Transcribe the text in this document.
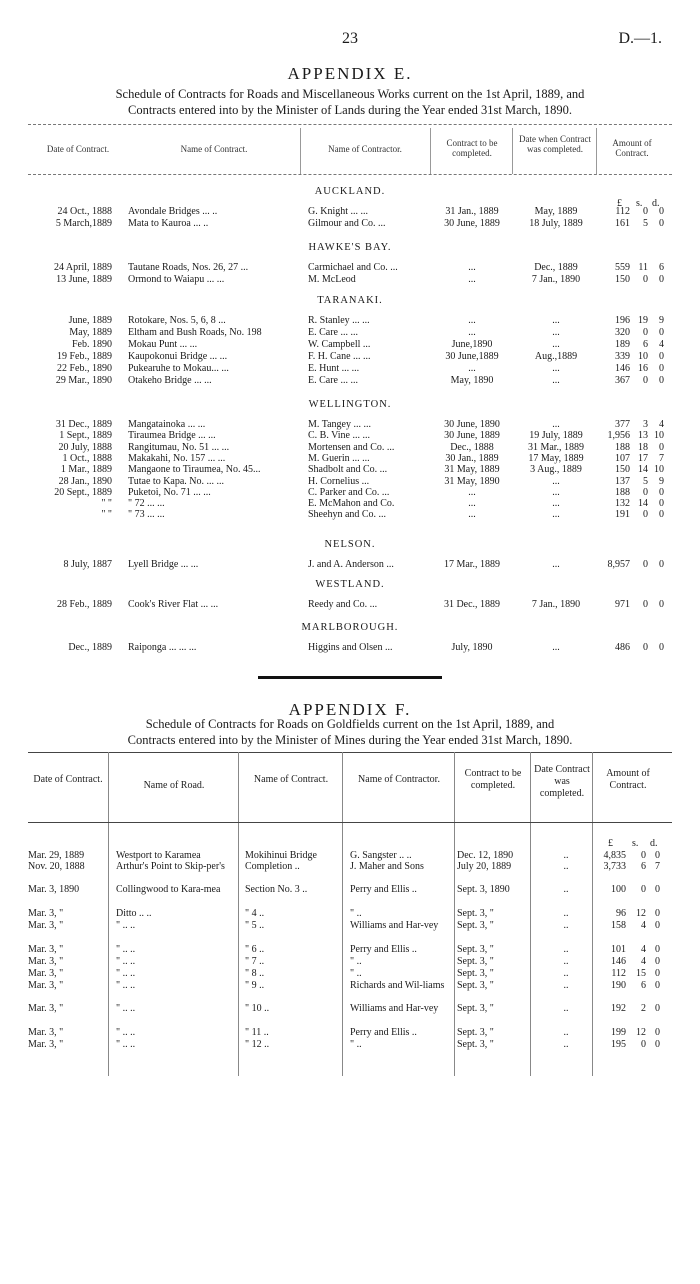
23	D.—1.
APPENDIX E.
Schedule of Contracts for Roads and Miscellaneous Works current on the 1st April, 1889, and
Contracts entered into by the Minister of Lands during the Year ended 31st March, 1890.
Date of Contract.	Name of Contract.	Name of Contractor.
Contract to be completed.
Date when Contract was completed.
Amount of Contract.
£ s. d.
AUCKLAND.
24 Oct., 1888 Avondale Bridges ... ..	G. Knight ... ...	31 Jan., 1889	May, 1889	112	0	0
5 March,1889 Mata to Kauroa ... ..	Gilmour and Co. ...	30 June, 1889	18 July, 1889	161	5	0
HAWKE'S BAY.
24 April, 1889 Tautane Roads, Nos. 26, 27 ...	Carmichael and Co. ...	...	Dec., 1889	559 11	6
13 June, 1889 Ormond to Waiapu ... ...	M. McLeod	...	7 Jan., 1890	150	0	0
TARANAKI.
June, 1889 Rotokare, Nos. 5, 6, 8 ...	R. Stanley ... ...	...	...	196 19	9
May, 1889 Eltham and Bush Roads, No. 198	E. Care ... ...	...	...	320	0	0
Feb. 1890 Mokau Punt ... ...	W. Campbell ...	June,1890	...	189	6	4
19 Feb., 1889 Kaupokonui Bridge ... ...	F. H. Cane ... ...	30 June,1889	Aug.,1889	339 10	0
22 Feb., 1890 Pukearuhe to Mokau... ...	E. Hunt ... ...	...	...	146 16	0
29 Mar., 1890 Otakeho Bridge ... ...	E. Care ... ...	May, 1890	...	367	0	0
WELLINGTON.
31 Dec., 1889 Mangatainoka ... ...	M. Tangey ... ...	30 June, 1890	...	377	3	4
1 Sept., 1889 Tiraumea Bridge ... ...	C. B. Vine ... ...	30 June, 1889	19 July, 1889	1,956 13 10
20 July, 1888 Rangitumau, No. 51 ... ...	Mortensen and Co. ...	Dec., 1888	31 Mar., 1889	188 18	0
1 Oct., 1888 Makakahi, No. 157 ... ...	M. Guerin ... ...	30 Jan., 1889	17 May, 1889	107 17	7
1 Mar., 1889 Mangaone to Tiraumea, No. 45...	Shadbolt and Co. ...	31 May, 1889	3 Aug., 1889	150 14 10
28 Jan., 1890 Tutae to Kapa. No. ... ...	H. Cornelius ...	31 May, 1890	...	137	5	9
20 Sept., 1889 Puketoi, No. 71 ... ...	C. Parker and Co. ...	...	...	188	0	0
" " " 72 ... ...	E. McMahon and Co.	...	...	132 14	0
" " " 73 ... ...	Sheehyn and Co. ...	...	...	191	0	0
NELSON.
8 July, 1887 Lyell Bridge ... ...	J. and A. Anderson ...	17 Mar., 1889	...	8,957	0	0
WESTLAND.
28 Feb., 1889 Cook's River Flat ... ...	Reedy and Co. ...	31 Dec., 1889	7 Jan., 1890	971	0	0
MARLBOROUGH.
Dec., 1889 Raiponga ... ... ...	Higgins and Olsen ...	July, 1890	...	486	0	0
APPENDIX F.
Schedule of Contracts for Roads on Goldfields current on the 1st April, 1889, and
Contracts entered into by the Minister of Mines during the Year ended 31st March, 1890.
Date of Contract.
Name of Road.
Name of Contract.	Name of Contractor.
Contract to be completed.
Date Contract was completed.
Amount of Contract.
£ s. d.
Mar. 29, 1889	Westport to Karamea	Mokihinui Bridge	G. Sangster .. ..	Dec. 12, 1890	..	4,835	0 0
Nov. 20, 1888	Arthur's Point to Skip-per's	Completion ..	J. Maher and Sons	July 20, 1889	..	3,733	6 7
Mar. 3, 1890	Collingwood to Kara-mea	Section No. 3 ..	Perry and Ellis ..	Sept. 3, 1890	..	100	0 0
Mar. 3, "	Ditto .. ..	" 4 ..	" ..	Sept. 3, "	..	96	12 0
Mar. 3, "	" .. ..	" 5 ..	Williams and Har-vey	Sept. 3, "	..	158	4 0
Mar. 3, "	" .. ..	" 6 ..	Perry and Ellis ..	Sept. 3, "	..	101	4 0
Mar. 3, "	" .. ..	" 7 ..	" ..	Sept. 3, "	..	146	4 0
Mar. 3, "	" .. ..	" 8 ..	" ..	Sept. 3, "	..	112	15 0
Mar. 3, "	" .. ..	" 9 ..	Richards and Wil-liams	Sept. 3, "	..	190	6 0
Mar. 3, "	" .. ..	" 10 ..	Williams and Har-vey	Sept. 3, "	..	192	2 0
Mar. 3, "	" .. ..	" 11 ..	Perry and Ellis ..	Sept. 3, "	..	199	12 0
Mar. 3, "	" .. ..	" 12 ..	" ..	Sept. 3, "	..	195	0 0
